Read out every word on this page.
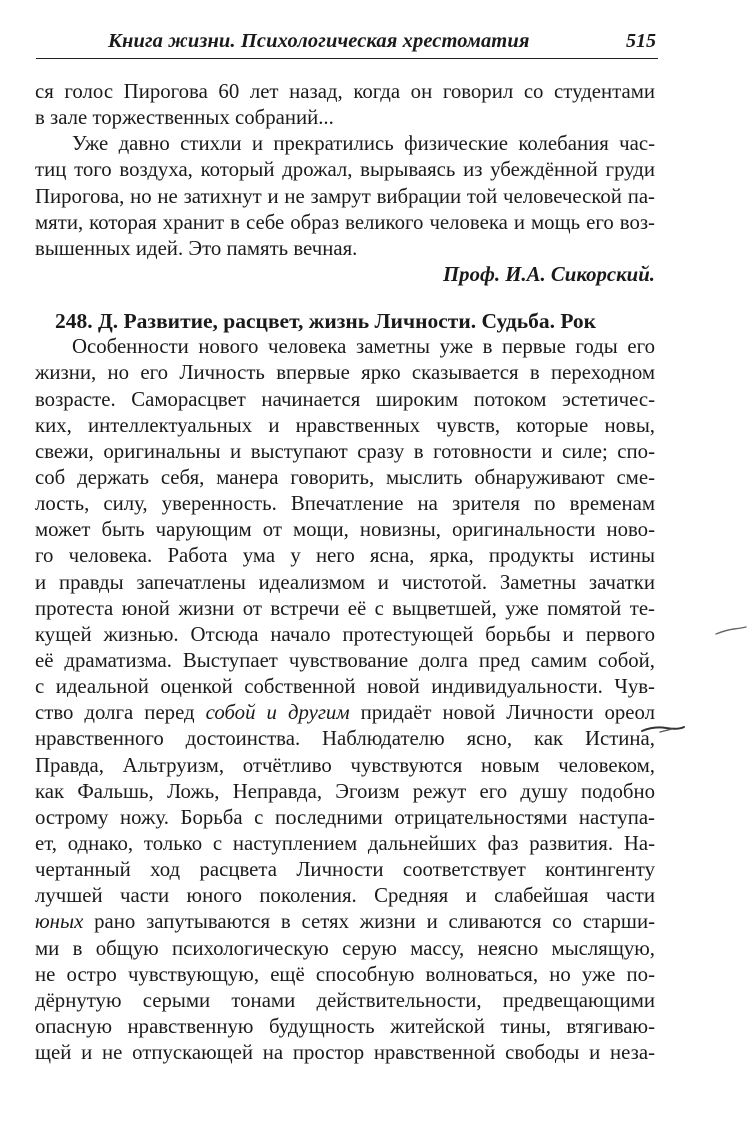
Книга жизни. Психологическая хрестоматия	515
ся голос Пирогова 60 лет назад, когда он говорил со студентами
в зале торжественных собраний...
Уже давно стихли и прекратились физические колебания час-
тиц того воздуха, который дрожал, вырываясь из убеждённой груди
Пирогова, но не затихнут и не замрут вибрации той человеческой па-
мяти, которая хранит в себе образ великого человека и мощь его воз-
вышенных идей. Это память вечная.
Проф. И.А. Сикорский.
248. Д. Развитие, расцвет, жизнь Личности. Судьба. Рок
Особенности нового человека заметны уже в первые годы его
жизни, но его Личность впервые ярко сказывается в переходном
возрасте. Саморасцвет начинается широким потоком эстетичес-
ких, интеллектуальных и нравственных чувств, которые новы,
свежи, оригинальны и выступают сразу в готовности и силе; спо-
соб держать себя, манера говорить, мыслить обнаруживают сме-
лость, силу, уверенность. Впечатление на зрителя по временам
может быть чарующим от мощи, новизны, оригинальности ново-
го человека. Работа ума у него ясна, ярка, продукты истины
и правды запечатлены идеализмом и чистотой. Заметны зачатки
протеста юной жизни от встречи её с выцветшей, уже помятой те-
кущей жизнью. Отсюда начало протестующей борьбы и первого
её драматизма. Выступает чувствование долга пред самим собой,
с идеальной оценкой собственной новой индивидуальности. Чув-
ство долга перед собой и другим придаёт новой Личности ореол
нравственного достоинства. Наблюдателю ясно, как Истина,
Правда, Альтруизм, отчётливо чувствуются новым человеком,
как Фальшь, Ложь, Неправда, Эгоизм режут его душу подобно
острому ножу. Борьба с последними отрицательностями наступа-
ет, однако, только с наступлением дальнейших фаз развития. На-
чертанный ход расцвета Личности соответствует контингенту
лучшей части юного поколения. Средняя и слабейшая части
юных рано запутываются в сетях жизни и сливаются со старши-
ми в общую психологическую серую массу, неясно мыслящую,
не остро чувствующую, ещё способную волноваться, но уже по-
дёрнутую серыми тонами действительности, предвещающими
опасную нравственную будущность житейской тины, втягиваю-
щей и не отпускающей на простор нравственной свободы и неза-
